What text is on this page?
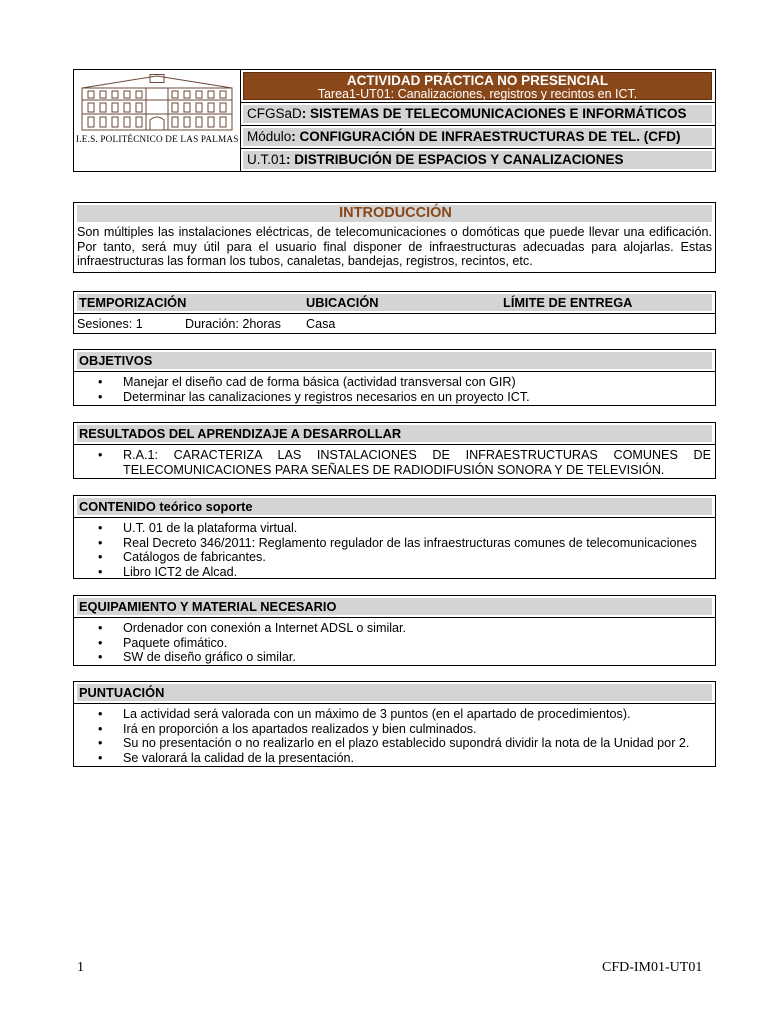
I.E.S. POLITÉCNICO DE LAS PALMAS
ACTIVIDAD PRÁCTICA NO PRESENCIAL
Tarea1-UT01: Canalizaciones, registros y recintos en ICT.
CFGSaD: SISTEMAS DE TELECOMUNICACIONES E INFORMÁTICOS
Módulo: CONFIGURACIÓN DE INFRAESTRUCTURAS DE TEL. (CFD)
U.T.01: DISTRIBUCIÓN DE ESPACIOS Y CANALIZACIONES
INTRODUCCIÓN
Son múltiples las instalaciones eléctricas, de telecomunicaciones o domóticas que puede llevar una edificación. Por tanto, será muy útil para el usuario final disponer de infraestructuras adecuadas para alojarlas. Estas infraestructuras las forman los tubos, canaletas, bandejas, registros, recintos, etc.
TEMPORIZACIÓN	UBICACIÓN	LÍMITE DE ENTREGA
Sesiones: 1	Duración: 2horas Casa
OBJETIVOS
• Manejar el diseño cad de forma básica (actividad transversal con GIR)
• Determinar las canalizaciones y registros necesarios en un proyecto ICT.
RESULTADOS DEL APRENDIZAJE A DESARROLLAR
• R.A.1: CARACTERIZA LAS INSTALACIONES DE INFRAESTRUCTURAS COMUNES DE TELECOMUNICACIONES PARA SEÑALES DE RADIODIFUSIÓN SONORA Y DE TELEVISIÓN.
CONTENIDO teórico soporte
• U.T. 01 de la plataforma virtual.
• Real Decreto 346/2011: Reglamento regulador de las infraestructuras comunes de telecomunicaciones
• Catálogos de fabricantes.
• Libro ICT2 de Alcad.
EQUIPAMIENTO Y MATERIAL NECESARIO
• Ordenador con conexión a Internet ADSL o similar.
• Paquete ofimático.
• SW de diseño gráfico o similar.
PUNTUACIÓN
• La actividad será valorada con un máximo de 3 puntos (en el apartado de procedimientos).
• Irá en proporción a los apartados realizados y bien culminados.
• Su no presentación o no realizarlo en el plazo establecido supondrá dividir la nota de la Unidad por 2.
• Se valorará la calidad de la presentación.
1	CFD-IM01-UT01
